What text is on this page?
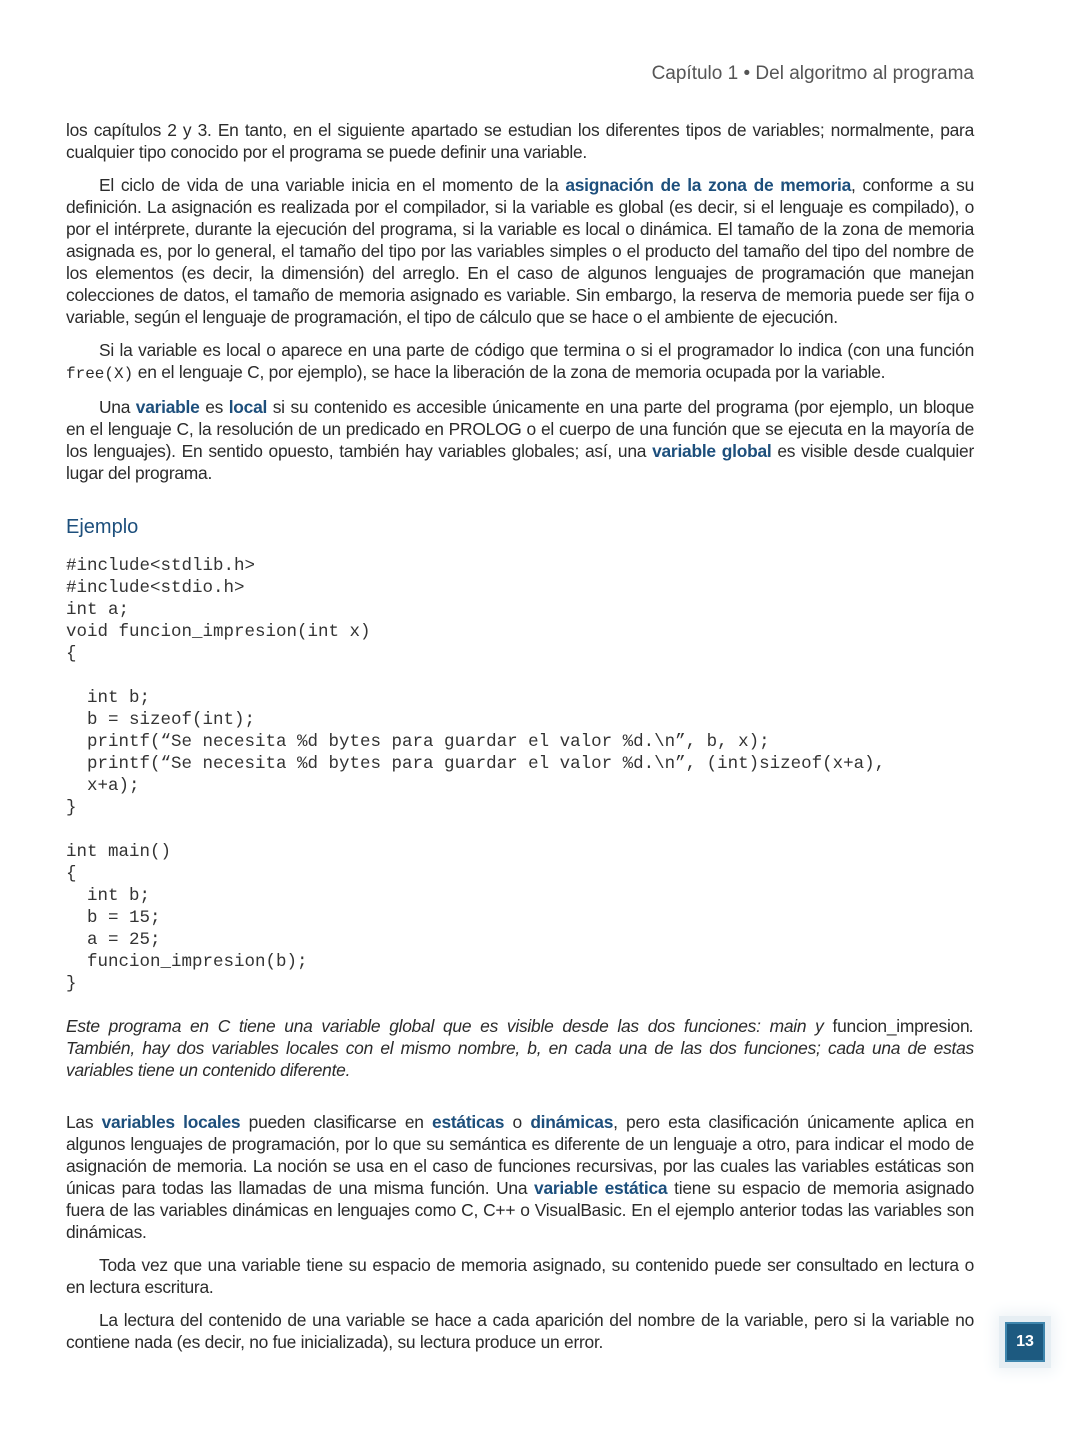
Capítulo 1 • Del algoritmo al programa

los capítulos 2 y 3. En tanto, en el siguiente apartado se estudian los diferentes tipos de variables; normalmente, para cualquier tipo conocido por el programa se puede definir una variable.

El ciclo de vida de una variable inicia en el momento de la asignación de la zona de memoria, conforme a su definición. La asignación es realizada por el compilador, si la variable es global (es decir, si el lenguaje es compilado), o por el intérprete, durante la ejecución del programa, si la variable es local o dinámica. El tamaño de la zona de memoria asignada es, por lo general, el tamaño del tipo por las variables simples o el producto del tamaño del tipo del nombre de los elementos (es decir, la dimensión) del arreglo. En el caso de algunos lenguajes de programación que manejan colecciones de datos, el tamaño de memoria asignado es variable. Sin embargo, la reserva de memoria puede ser fija o variable, según el lenguaje de programación, el tipo de cálculo que se hace o el ambiente de ejecución.

Si la variable es local o aparece en una parte de código que termina o si el programador lo indica (con una función free(X) en el lenguaje C, por ejemplo), se hace la liberación de la zona de memoria ocupada por la variable.

Una variable es local si su contenido es accesible únicamente en una parte del programa (por ejemplo, un bloque en el lenguaje C, la resolución de un predicado en PROLOG o el cuerpo de una función que se ejecuta en la mayoría de los lenguajes). En sentido opuesto, también hay variables globales; así, una variable global es visible desde cualquier lugar del programa.

Ejemplo
#include<stdlib.h>
#include<stdio.h>
int a;
void funcion_impresion(int x)
{

int b;
b = sizeof(int);
printf(“Se necesita %d bytes para guardar el valor %d.\n”, b, x);
printf(“Se necesita %d bytes para guardar el valor %d.\n”, (int)sizeof(x+a),
x+a);
}

int main()
{
int b;
b = 15;
a = 25;
funcion_impresion(b);
}

Este programa en C tiene una variable global que es visible desde las dos funciones: main y funcion_impresion. También, hay dos variables locales con el mismo nombre, b, en cada una de las dos funciones; cada una de estas variables tiene un contenido diferente.

Las variables locales pueden clasificarse en estáticas o dinámicas, pero esta clasificación únicamente aplica en algunos lenguajes de programación, por lo que su semántica es diferente de un lenguaje a otro, para indicar el modo de asignación de memoria. La noción se usa en el caso de funciones recursivas, por las cuales las variables estáticas son únicas para todas las llamadas de una misma función. Una variable estática tiene su espacio de memoria asignado fuera de las variables dinámicas en lenguajes como C, C++ o VisualBasic. En el ejemplo anterior todas las variables son dinámicas.

Toda vez que una variable tiene su espacio de memoria asignado, su contenido puede ser consultado en lectura o en lectura escritura.

La lectura del contenido de una variable se hace a cada aparición del nombre de la variable, pero si la variable no contiene nada (es decir, no fue inicializada), su lectura produce un error.	13
